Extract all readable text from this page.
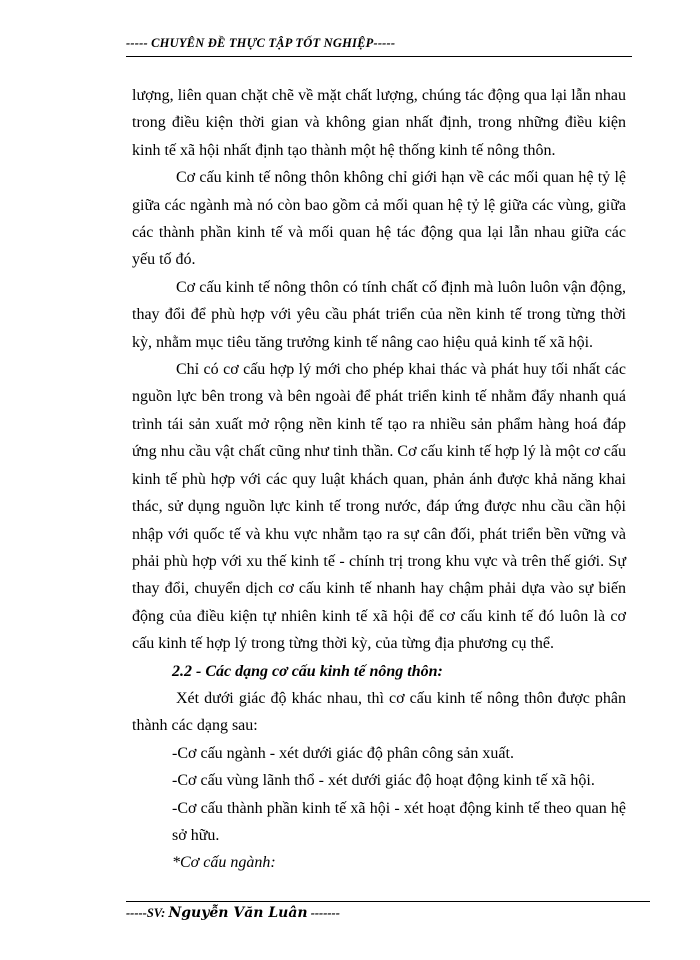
----- CHUYÊN ĐỀ THỰC TẬP TỐT NGHIỆP-----

lượng, liên quan chặt chẽ về mặt chất lượng, chúng tác động qua lại lẫn nhau trong điều kiện thời gian và không gian nhất định, trong những điều kiện kinh tế xã hội nhất định tạo thành một hệ thống kinh tế nông thôn.

Cơ cấu kinh tế nông thôn không chỉ giới hạn về các mối quan hệ tỷ lệ giữa các ngành mà nó còn bao gồm cả mối quan hệ tỷ lệ giữa các vùng, giữa các thành phần kinh tế và mối quan hệ tác động qua lại lẫn nhau giữa các yếu tố đó.

Cơ cấu kinh tế nông thôn có tính chất cố định mà luôn luôn vận động, thay đổi để phù hợp với yêu cầu phát triển của nền kinh tế trong từng thời kỳ, nhằm mục tiêu tăng trưởng kinh tế nâng cao hiệu quả kinh tế xã hội.

Chỉ có cơ cấu hợp lý mới cho phép khai thác và phát huy tối nhất các nguồn lực bên trong và bên ngoài để phát triển kinh tế nhằm đẩy nhanh quá trình tái sản xuất mở rộng nền kinh tế tạo ra nhiều sản phẩm hàng hoá đáp ứng nhu cầu vật chất cũng như tinh thần. Cơ cấu kinh tế hợp lý là một cơ cấu kinh tế phù hợp với các quy luật khách quan, phản ánh được khả năng khai thác, sử dụng nguồn lực kinh tế trong nước, đáp ứng được nhu cầu cần hội nhập với quốc tế và khu vực nhằm tạo ra sự cân đối, phát triển bền vững và phải phù hợp với xu thế kinh tế - chính trị trong khu vực và trên thế giới. Sự thay đổi, chuyển dịch cơ cấu kinh tế nhanh hay chậm phải dựa vào sự biến động của điều kiện tự nhiên kinh tế xã hội để cơ cấu kinh tế đó luôn là cơ cấu kinh tế hợp lý trong từng thời kỳ, của từng địa phương cụ thể.

2.2 - Các dạng cơ cấu kinh tế nông thôn:

Xét dưới giác độ khác nhau, thì cơ cấu kinh tế nông thôn được phân thành các dạng sau:

-Cơ cấu ngành - xét dưới giác độ phân công sản xuất.

-Cơ cấu vùng lãnh thổ - xét dưới giác độ hoạt động kinh tế xã hội.

-Cơ cấu thành phần kinh tế xã hội - xét hoạt động kinh tế theo quan hệ sở hữu.

*Cơ cấu ngành:

-----SV: Nguyễn Văn Luân -------
